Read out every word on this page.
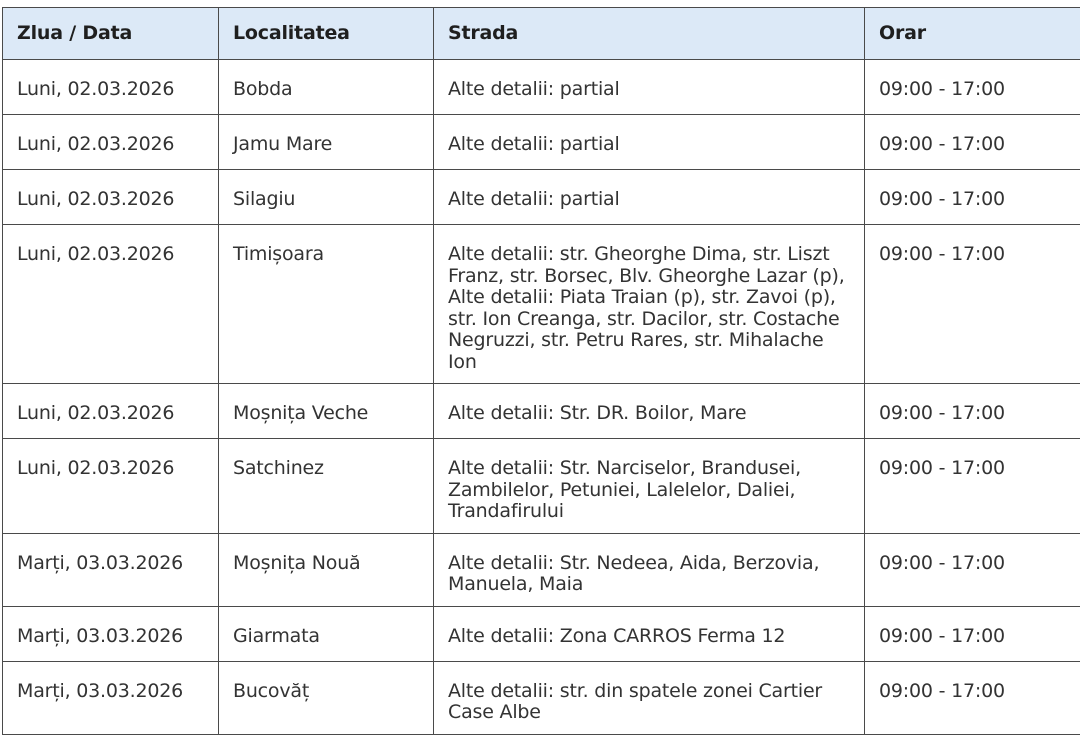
Zlua / Data	Localitatea	Strada	Orar
Luni, 02.03.2026	Bobda	Alte detalii: partial	09:00 - 17:00
Luni, 02.03.2026	Jamu Mare	Alte detalii: partial	09:00 - 17:00
Luni, 02.03.2026	Silagiu	Alte detalii: partial	09:00 - 17:00
Luni, 02.03.2026	Timișoara	Alte detalii: str. Gheorghe Dima, str. Liszt Franz, str. Borsec, Blv. Gheorghe Lazar (p), Alte detalii: Piata Traian (p), str. Zavoi (p), str. Ion Creanga, str. Dacilor, str. Costache Negruzzi, str. Petru Rares, str. Mihalache Ion	09:00 - 17:00
Luni, 02.03.2026	Moșnița Veche	Alte detalii: Str. DR. Boilor, Mare	09:00 - 17:00
Luni, 02.03.2026	Satchinez	Alte detalii: Str. Narciselor, Brandusei, Zambilelor, Petuniei, Lalelelor, Daliei, Trandafirului	09:00 - 17:00
Marți, 03.03.2026	Moșnița Nouă	Alte detalii: Str. Nedeea, Aida, Berzovia, Manuela, Maia	09:00 - 17:00
Marți, 03.03.2026	Giarmata	Alte detalii: Zona CARROS Ferma 12	09:00 - 17:00
Marți, 03.03.2026	Bucovăț	Alte detalii: str. din spatele zonei Cartier Case Albe	09:00 - 17:00
